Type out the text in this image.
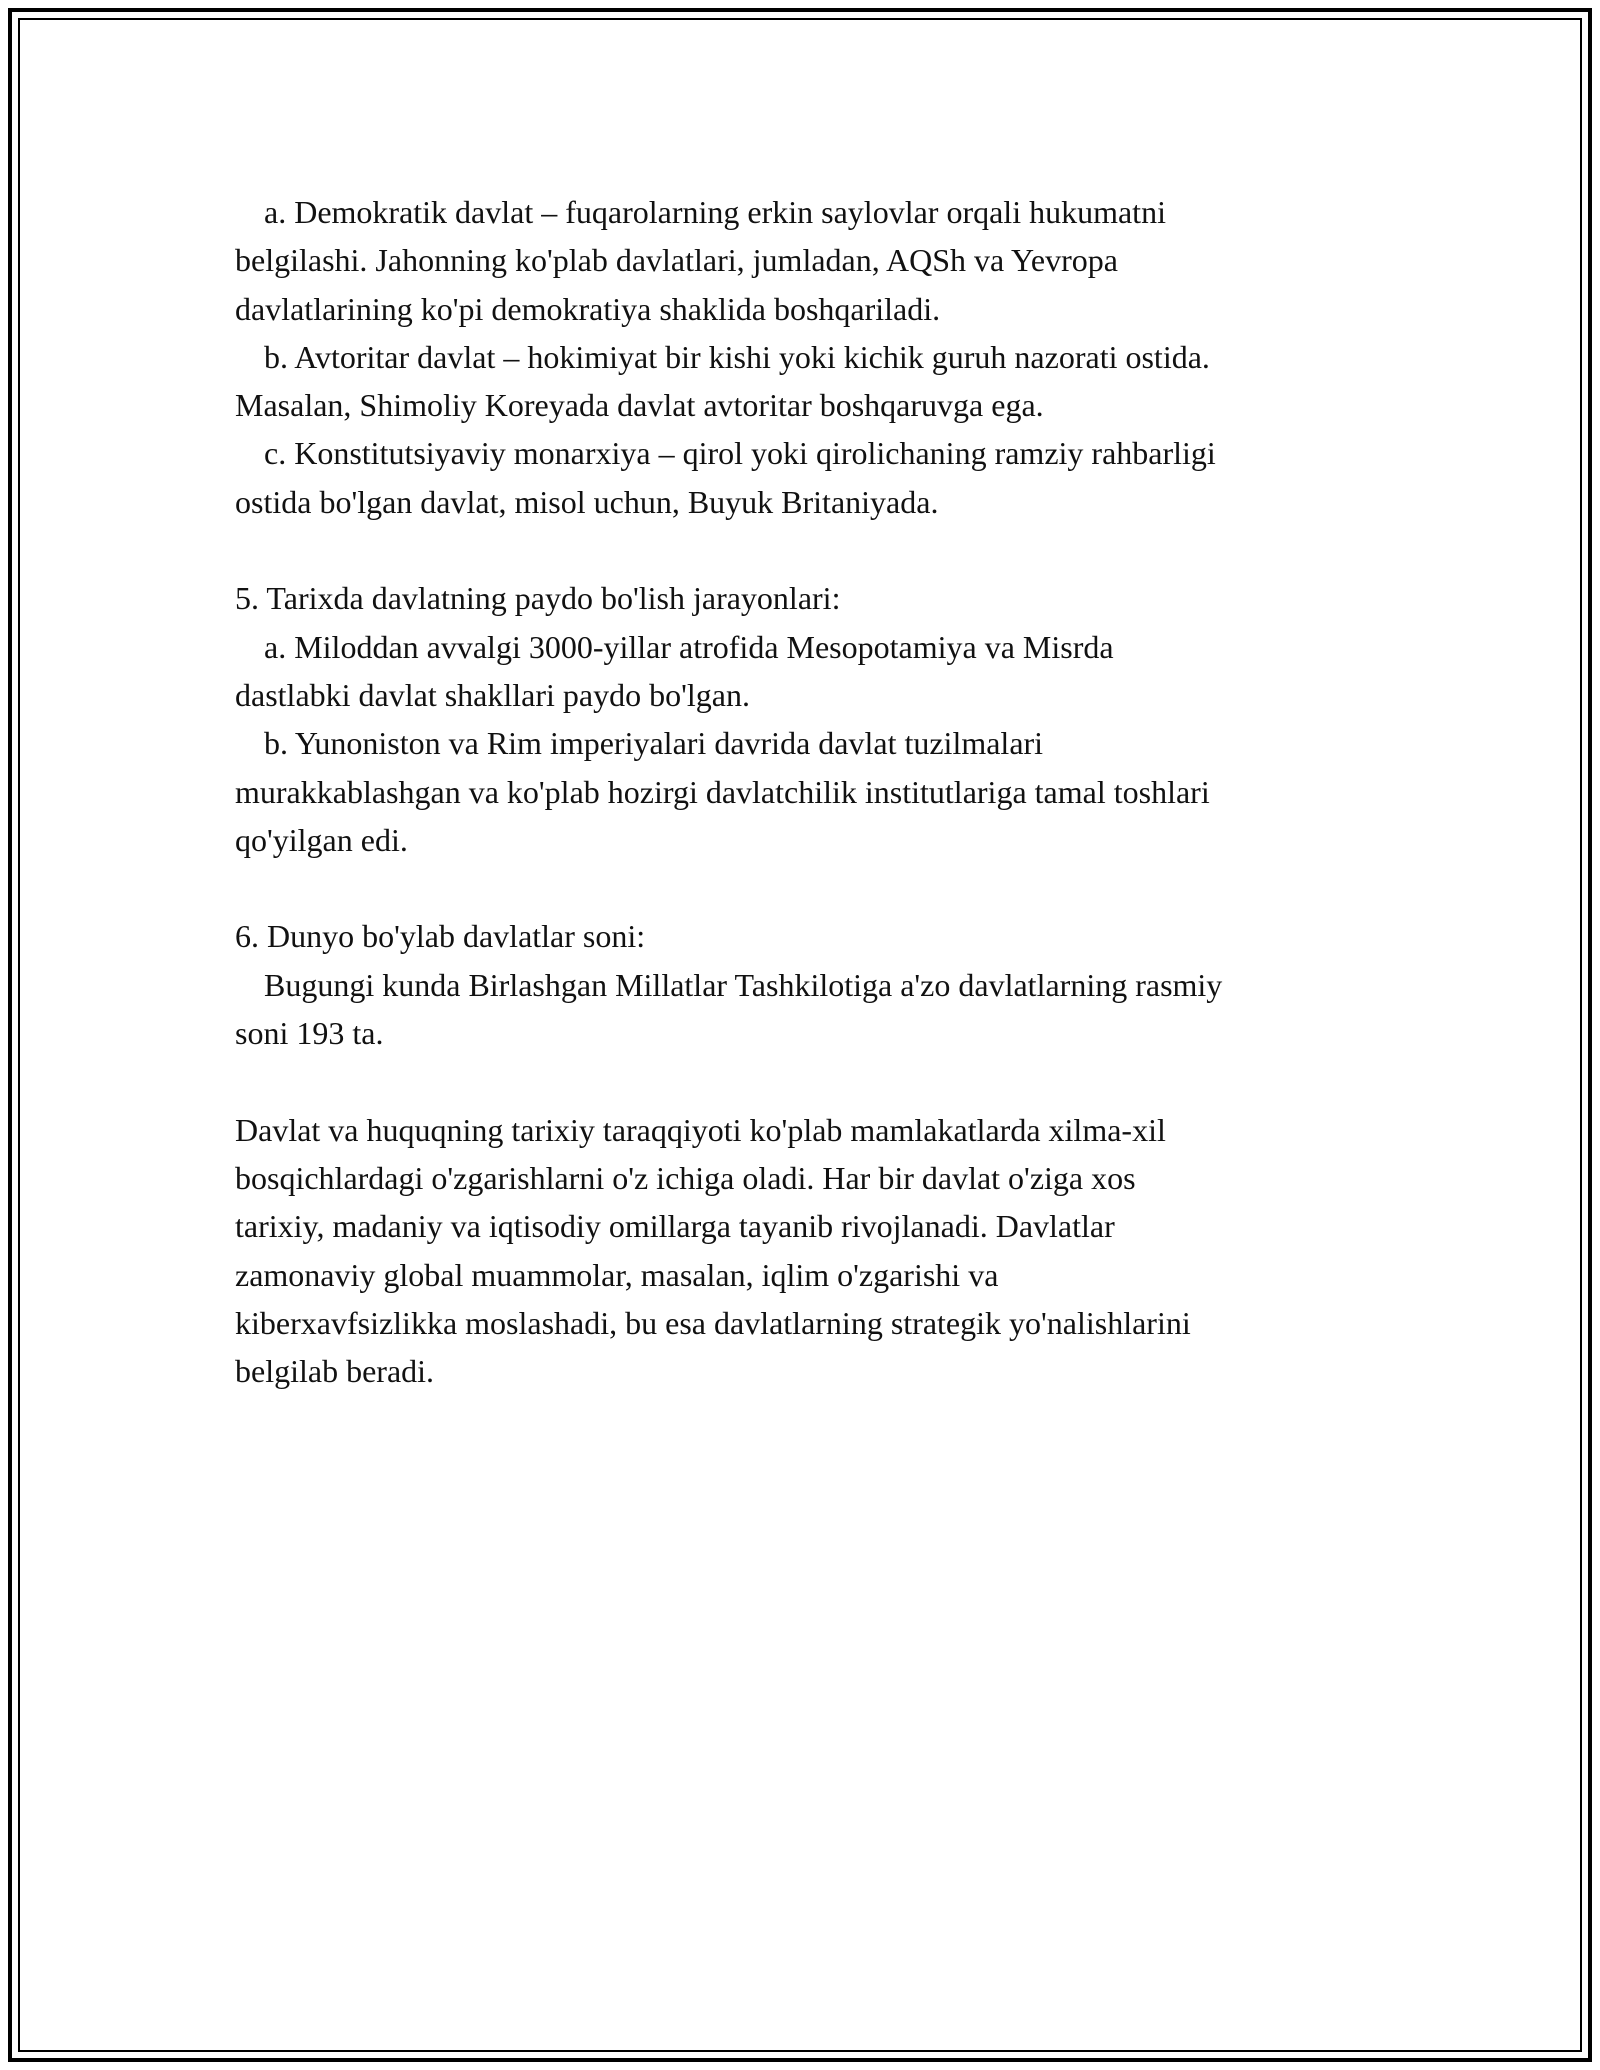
a. Demokratik davlat – fuqarolarning erkin saylovlar orqali hukumatni

belgilashi. Jahonning ko'plab davlatlari, jumladan, AQSh va Yevropa

davlatlarining ko'pi demokratiya shaklida boshqariladi.

b. Avtoritar davlat – hokimiyat bir kishi yoki kichik guruh nazorati ostida.

Masalan, Shimoliy Koreyada davlat avtoritar boshqaruvga ega.

c. Konstitutsiyaviy monarxiya – qirol yoki qirolichaning ramziy rahbarligi

ostida bo'lgan davlat, misol uchun, Buyuk Britaniyada.

5. Tarixda davlatning paydo bo'lish jarayonlari:

a. Miloddan avvalgi 3000-yillar atrofida Mesopotamiya va Misrda

dastlabki davlat shakllari paydo bo'lgan.

b. Yunoniston va Rim imperiyalari davrida davlat tuzilmalari

murakkablashgan va ko'plab hozirgi davlatchilik institutlariga tamal toshlari

qo'yilgan edi.

6. Dunyo bo'ylab davlatlar soni:

Bugungi kunda Birlashgan Millatlar Tashkilotiga a'zo davlatlarning rasmiy

soni 193 ta.

Davlat va huquqning tarixiy taraqqiyoti ko'plab mamlakatlarda xilma-xil

bosqichlardagi o'zgarishlarni o'z ichiga oladi. Har bir davlat o'ziga xos

tarixiy, madaniy va iqtisodiy omillarga tayanib rivojlanadi. Davlatlar

zamonaviy global muammolar, masalan, iqlim o'zgarishi va

kiberxavfsizlikka moslashadi, bu esa davlatlarning strategik yo'nalishlarini

belgilab beradi.
